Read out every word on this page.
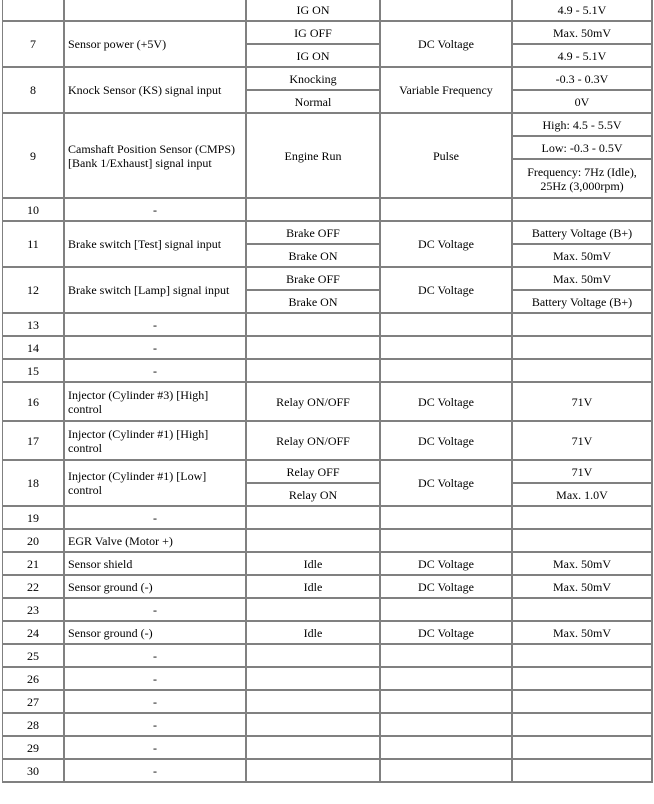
		IG ON		4.9 - 5.1V
7	Sensor power (+5V)	IG OFF	DC Voltage	Max. 50mV
		IG ON		4.9 - 5.1V
8	Knock Sensor (KS) signal input	Knocking	Variable Frequency	-0.3 - 0.3V
		Normal		0V
9	Camshaft Position Sensor (CMPS) [Bank 1/Exhaust] signal input	Engine Run	Pulse	High: 4.5 - 5.5V
				Low: -0.3 - 0.5V
				Frequency: 7Hz (Idle), 25Hz (3,000rpm)
10	-			
11	Brake switch [Test] signal input	Brake OFF	DC Voltage	Battery Voltage (B+)
		Brake ON		Max. 50mV
12	Brake switch [Lamp] signal input	Brake OFF	DC Voltage	Max. 50mV
		Brake ON		Battery Voltage (B+)
13	-			
14	-			
15	-			
16	Injector (Cylinder #3) [High] control	Relay ON/OFF	DC Voltage	71V
17	Injector (Cylinder #1) [High] control	Relay ON/OFF	DC Voltage	71V
18	Injector (Cylinder #1) [Low] control	Relay OFF	DC Voltage	71V
		Relay ON		Max. 1.0V
19	-			
20	EGR Valve (Motor +)			
21	Sensor shield	Idle	DC Voltage	Max. 50mV
22	Sensor ground (-)	Idle	DC Voltage	Max. 50mV
23	-			
24	Sensor ground (-)	Idle	DC Voltage	Max. 50mV
25	-			
26	-			
27	-			
28	-			
29	-			
30	-			
